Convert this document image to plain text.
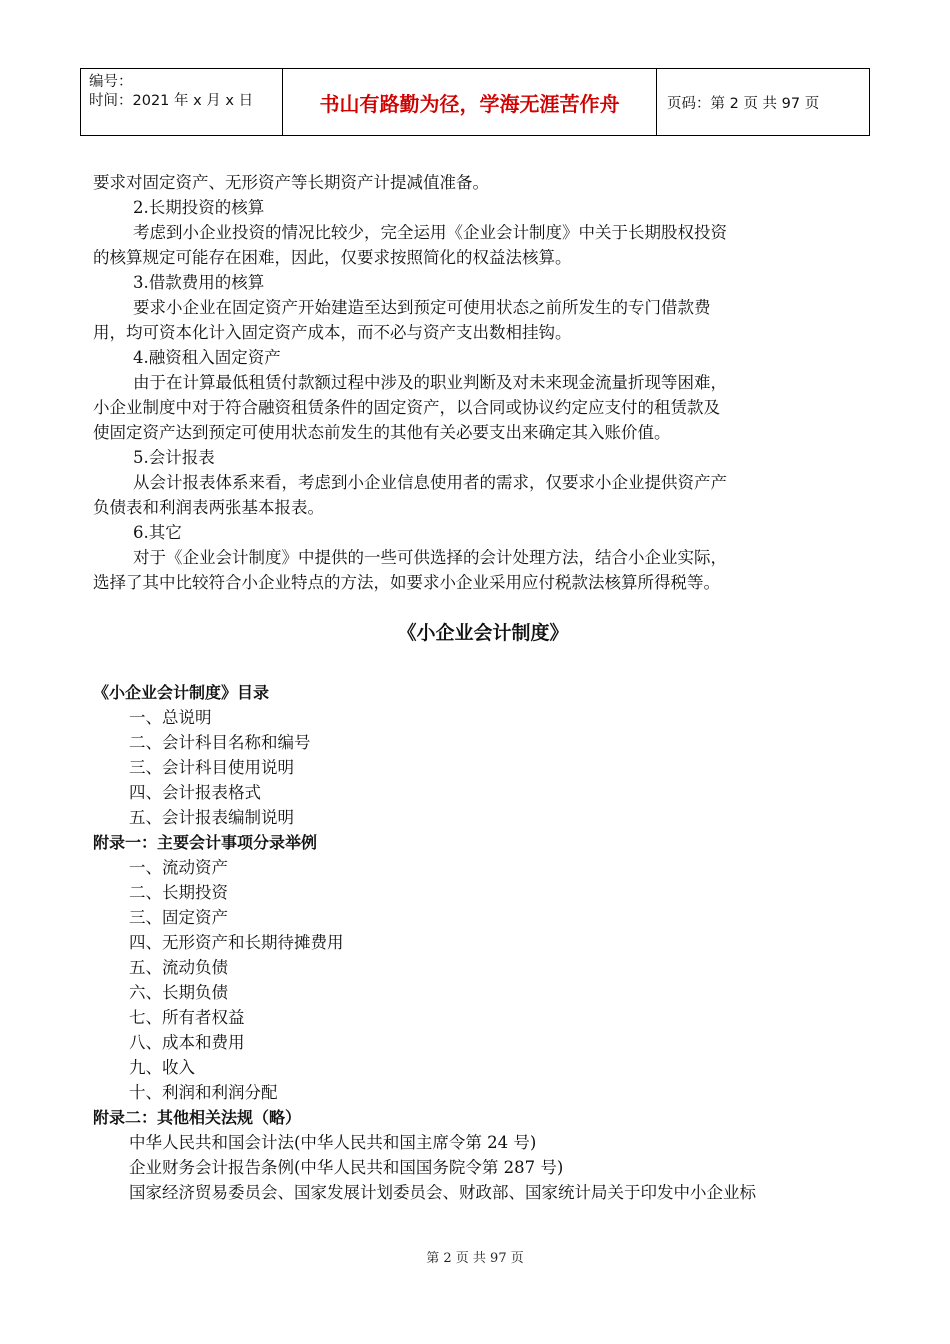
编号：
时间：2021 年 x 月 x 日	书山有路勤为径，学海无涯苦作舟	页码：第 2 页 共 97 页

要求对固定资产、无形资产等长期资产计提减值准备。

2.长期投资的核算

考虑到小企业投资的情况比较少，完全运用《企业会计制度》中关于长期股权投资

的核算规定可能存在困难，因此，仅要求按照简化的权益法核算。

3.借款费用的核算

要求小企业在固定资产开始建造至达到预定可使用状态之前所发生的专门借款费

用，均可资本化计入固定资产成本，而不必与资产支出数相挂钩。

4.融资租入固定资产

由于在计算最低租赁付款额过程中涉及的职业判断及对未来现金流量折现等困难，

小企业制度中对于符合融资租赁条件的固定资产，以合同或协议约定应支付的租赁款及

使固定资产达到预定可使用状态前发生的其他有关必要支出来确定其入账价值。

5.会计报表

从会计报表体系来看，考虑到小企业信息使用者的需求，仅要求小企业提供资产产

负债表和利润表两张基本报表。

6.其它

对于《企业会计制度》中提供的一些可供选择的会计处理方法，结合小企业实际，

选择了其中比较符合小企业特点的方法，如要求小企业采用应付税款法核算所得税等。

《小企业会计制度》

《小企业会计制度》目录

一、总说明

二、会计科目名称和编号

三、会计科目使用说明

四、会计报表格式

五、会计报表编制说明

附录一：主要会计事项分录举例

一、流动资产

二、长期投资

三、固定资产

四、无形资产和长期待摊费用

五、流动负债

六、长期负债

七、所有者权益

八、成本和费用

九、收入

十、利润和利润分配

附录二：其他相关法规（略）

中华人民共和国会计法(中华人民共和国主席令第 24 号)

企业财务会计报告条例(中华人民共和国国务院令第 287 号)

国家经济贸易委员会、国家发展计划委员会、财政部、国家统计局关于印发中小企业标

第 2 页 共 97 页
